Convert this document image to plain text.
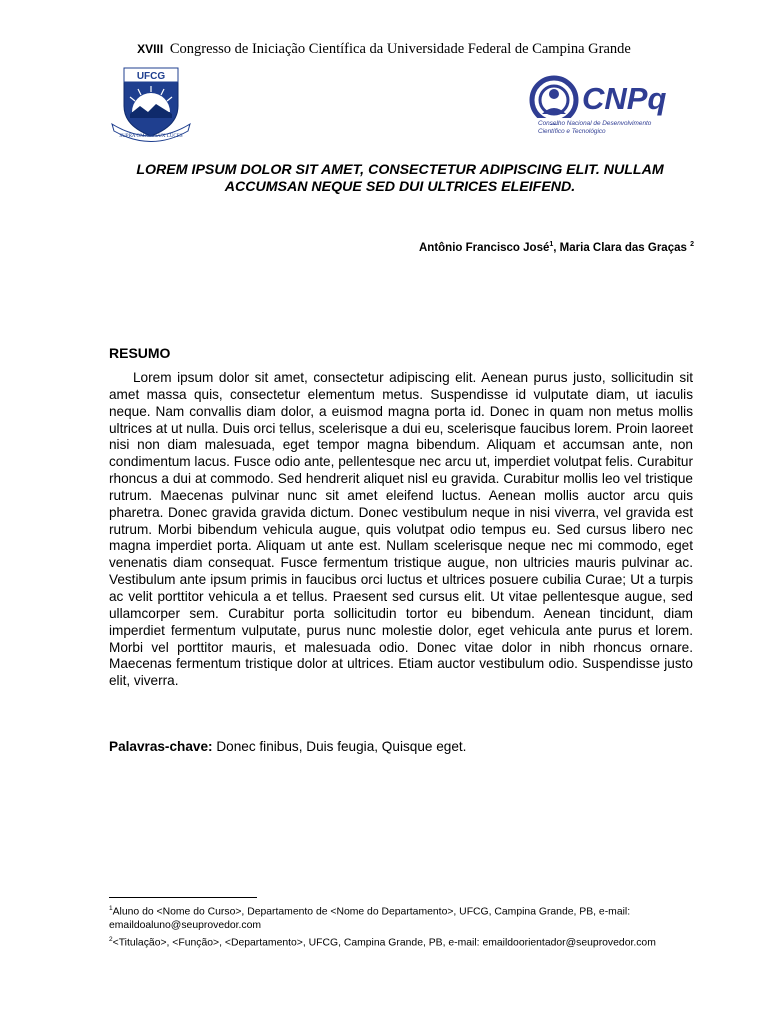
XVIII Congresso de Iniciação Científica da Universidade Federal de Campina Grande
UFCG
SUPRA OMNES LUX LUCES
CNPq
Conselho Nacional de Desenvolvimento
Científico e Tecnológico
LOREM IPSUM DOLOR SIT AMET, CONSECTETUR ADIPISCING ELIT. NULLAM ACCUMSAN NEQUE SED DUI ULTRICES ELEIFEND.
Antônio Francisco José$^1$, Maria Clara das Graças $^2$
RESUMO

Lorem ipsum dolor sit amet, consectetur adipiscing elit. Aenean purus justo, sollicitudin sit amet massa quis, consectetur elementum metus. Suspendisse id vulputate diam, ut iaculis neque. Nam convallis diam dolor, a euismod magna porta id. Donec in quam non metus mollis ultrices at ut nulla. Duis orci tellus, scelerisque a dui eu, scelerisque faucibus lorem. Proin laoreet nisi non diam malesuada, eget tempor magna bibendum. Aliquam et accumsan ante, non condimentum lacus. Fusce odio ante, pellentesque nec arcu ut, imperdiet volutpat felis. Curabitur rhoncus a dui at commodo. Sed hendrerit aliquet nisl eu gravida. Curabitur mollis leo vel tristique rutrum. Maecenas pulvinar nunc sit amet eleifend luctus. Aenean mollis auctor arcu quis pharetra. Donec gravida gravida dictum. Donec vestibulum neque in nisi viverra, vel gravida est rutrum. Morbi bibendum vehicula augue, quis volutpat odio tempus eu. Sed cursus libero nec magna imperdiet porta. Aliquam ut ante est. Nullam scelerisque neque nec mi commodo, eget venenatis diam consequat. Fusce fermentum tristique augue, non ultricies mauris pulvinar ac. Vestibulum ante ipsum primis in faucibus orci luctus et ultrices posuere cubilia Curae; Ut a turpis ac velit porttitor vehicula a et tellus. Praesent sed cursus elit. Ut vitae pellentesque augue, sed ullamcorper sem. Curabitur porta sollicitudin tortor eu bibendum. Aenean tincidunt, diam imperdiet fermentum vulputate, purus nunc molestie dolor, eget vehicula ante purus et lorem. Morbi vel porttitor mauris, et malesuada odio. Donec vitae dolor in nibh rhoncus ornare. Maecenas fermentum tristique dolor at ultrices. Etiam auctor vestibulum odio. Suspendisse justo elit, viverra.

Palavras-chave: Donec finibus, Duis feugia, Quisque eget.

$^1$Aluno do <Nome do Curso>, Departamento de <Nome do Departamento>, UFCG, Campina Grande, PB, e-mail: emaildoaluno@seuprovedor.com

$^2$<Titulação>, <Função>, <Departamento>, UFCG, Campina Grande, PB, e-mail: emaildoorientador@seuprovedor.com
